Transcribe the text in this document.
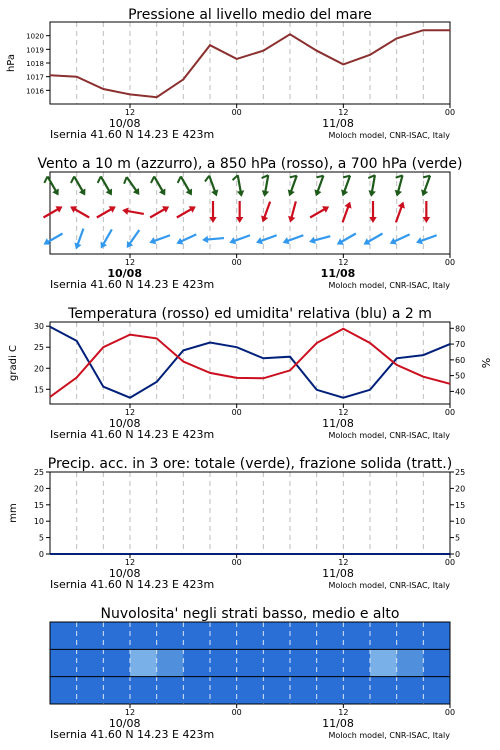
Pressione al livello medio del mare
1016
1017
1018
1019
1020
hPa
12	00	12	00
10/08	11/08
Isernia 41.60 N 14.23 E 423m	Moloch model, CNR-ISAC, Italy
Vento a 10 m (azzurro), a 850 hPa (rosso), a 700 hPa (verde)
12	00	12	00
10/08	11/08
Isernia 41.60 N 14.23 E 423m	Moloch model, CNR-ISAC, Italy
Temperatura (rosso) ed umidita' relativa (blu) a 2 m
15
20
25
30
40
50
60
70
80
gradi C	%
12	00	12	00
10/08	11/08
Isernia 41.60 N 14.23 E 423m	Moloch model, CNR-ISAC, Italy
Precip. acc. in 3 ore: totale (verde), frazione solida (tratt.)
0
5
10
15
20
25
0
5
10
15
20
25
mm
12	00	12	00
10/08	11/08
Isernia 41.60 N 14.23 E 423m	Moloch model, CNR-ISAC, Italy
Nuvolosita' negli strati basso, medio e alto
12	00	12	00
10/08	11/08
Isernia 41.60 N 14.23 E 423m	Moloch model, CNR-ISAC, Italy
